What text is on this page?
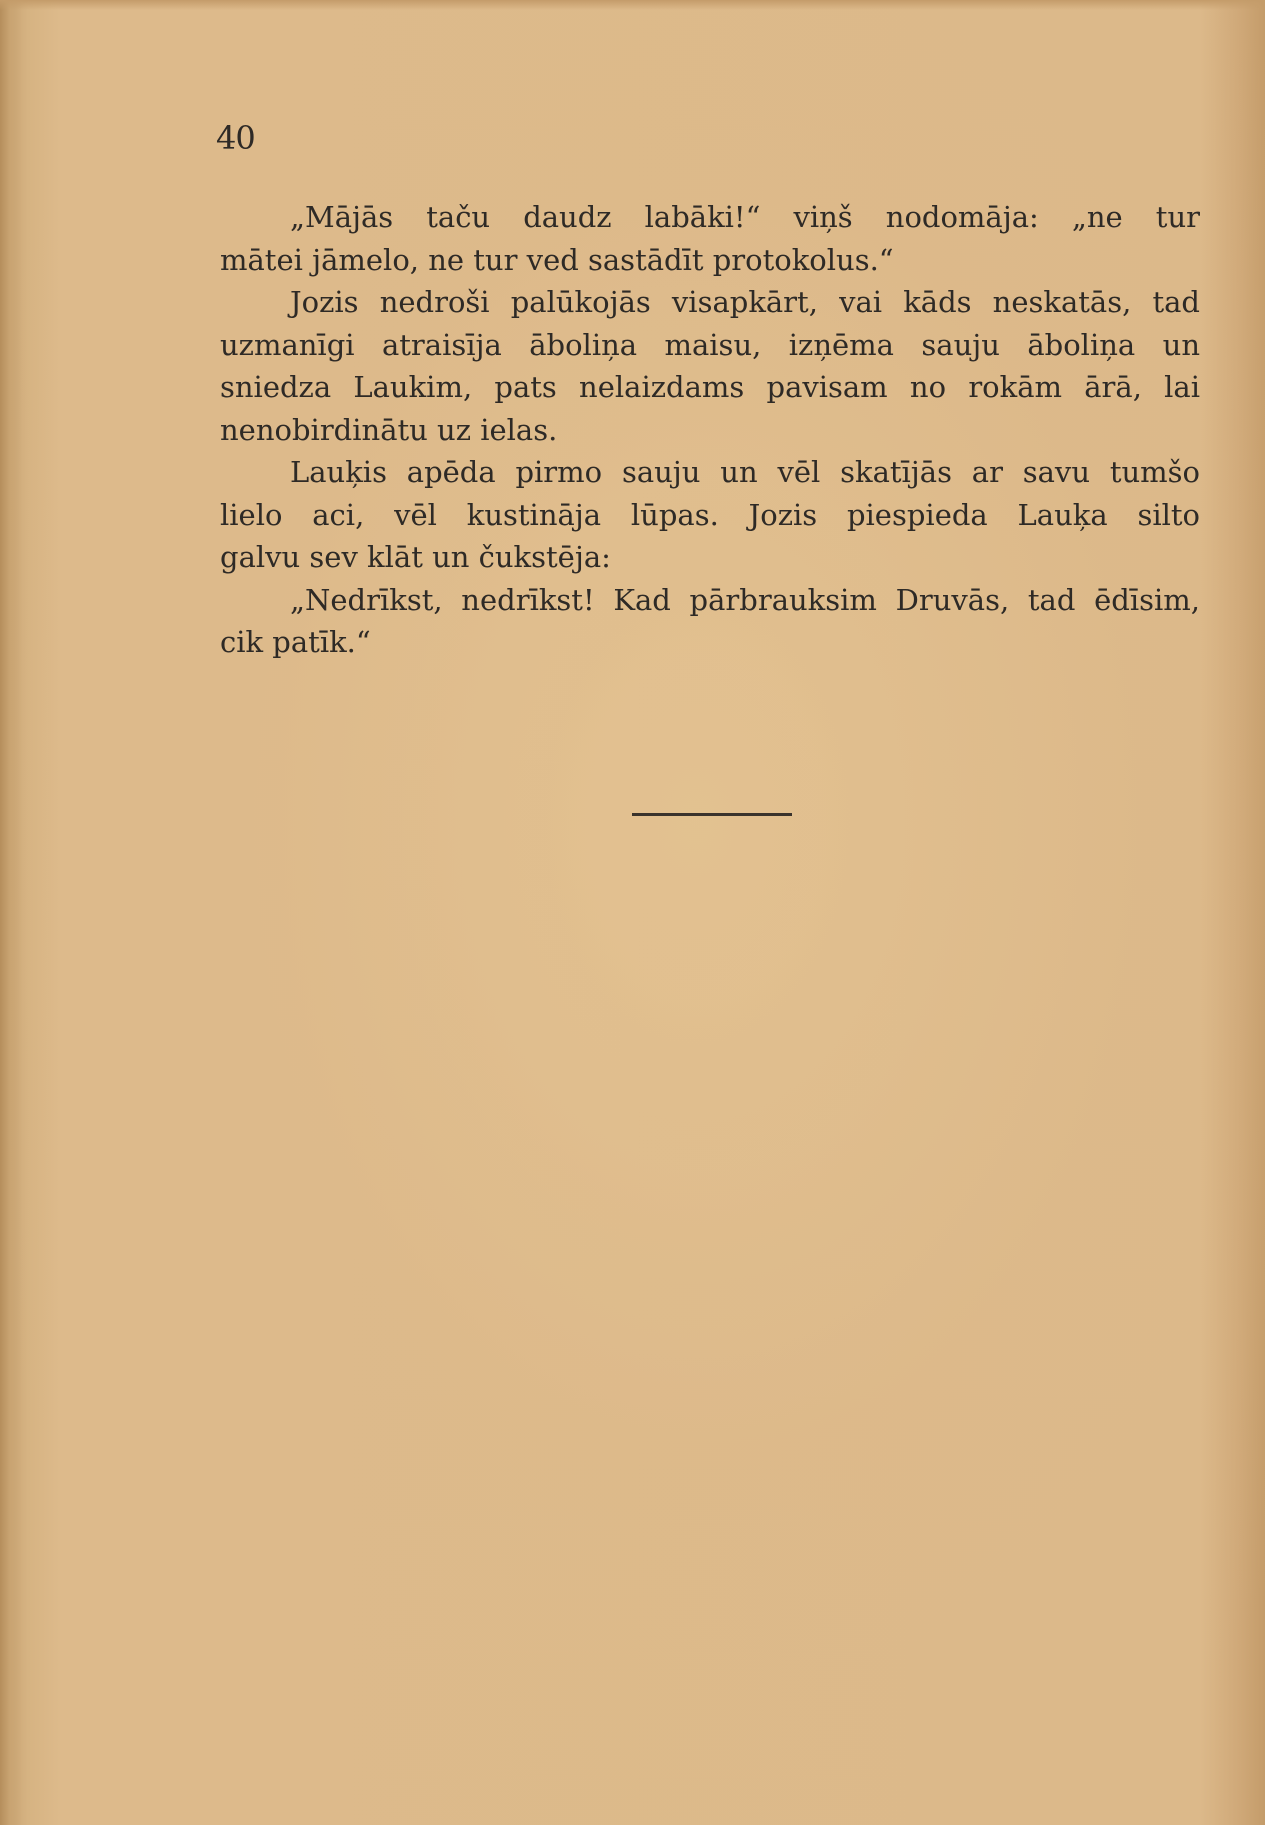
40
„Mājās taču daudz labāki!“ viņš nodomāja: „ne tur
mātei jāmelo, ne tur ved sastādīt protokolus.“
Jozis nedroši palūkojās visapkārt, vai kāds neskatās, tad
uzmanīgi atraisīja āboliņa maisu, izņēma sauju āboliņa un
sniedza Laukim, pats nelaizdams pavisam no rokām ārā, lai
nenobirdinātu uz ielas.
Lauķis apēda pirmo sauju un vēl skatījās ar savu tumšo
lielo aci, vēl kustināja lūpas. Jozis piespieda Lauķa silto
galvu sev klāt un čukstēja:
„Nedrīkst, nedrīkst! Kad pārbrauksim Druvās, tad ēdīsim,
cik patīk.“
